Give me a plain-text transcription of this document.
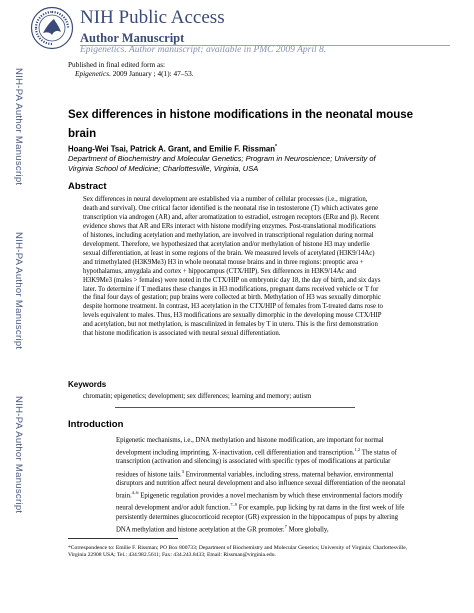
NIH-PA Author Manuscript
NIH-PA Author Manuscript
NIH-PA Author Manuscript
NIH Public Access
Author Manuscript
Epigenetics. Author manuscript; available in PMC 2009 April 8.
Published in final edited form as:
Epigenetics. 2009 January ; 4(1): 47–53.
Sex differences in histone modifications in the neonatal mouse brain
Hoang-Wei Tsai, Patrick A. Grant, and Emilie F. Rissman*
Department of Biochemistry and Molecular Genetics; Program in Neuroscience; University of Virginia School of Medicine; Charlottesville, Virginia, USA
Abstract
Sex differences in neural development are established via a number of cellular processes (i.e., migration, death and survival). One critical factor identified is the neonatal rise in testosterone (T) which activates gene transcription via androgen (AR) and, after aromatization to estradiol, estrogen receptors (ERα and β). Recent evidence shows that AR and ERs interact with histone modifying enzymes. Post-translational modifications of histones, including acetylation and methylation, are involved in transcriptional regulation during normal development. Therefore, we hypothesized that acetylation and/or methylation of histone H3 may underlie sexual differentiation, at least in some regions of the brain. We measured levels of acetylated (H3K9/14Ac) and trimethylated (H3K9Me3) H3 in whole neonatal mouse brains and in three regions: preoptic area + hypothalamus, amygdala and cortex + hippocampus (CTX/HIP). Sex differences in H3K9/14Ac and H3K9Me3 (males > females) were noted in the CTX/HIP on embryonic day 18, the day of birth, and six days later. To determine if T mediates these changes in H3 modifications, pregnant dams received vehicle or T for the final four days of gestation; pup brains were collected at birth. Methylation of H3 was sexually dimorphic despite hormone treatment. In contrast, H3 acetylation in the CTX/HIP of females from T-treated dams rose to levels equivalent to males. Thus, H3 modifications are sexually dimorphic in the developing mouse CTX/HIP and acetylation, but not methylation, is masculinized in females by T in utero. This is the first demonstration that histone modification is associated with neural sexual differentiation.
Keywords
chromatin; epigenetics; development; sex differences; learning and memory; autism
Introduction
Epigenetic mechanisms, i.e., DNA methylation and histone modification, are important for normal development including imprinting, X-inactivation, cell differentiation and transcription.$^{1,2}$ The status of transcription (activation and silencing) is associated with specific types of modifications at particular residues of histone tails.$^3$ Environmental variables, including stress, maternal behavior, environmental disruptors and nutrition affect neural development and also influence sexual differentiation of the neonatal brain.$^{4-6}$ Epigenetic regulation provides a novel mechanism by which these environmental factors modify neural development and/or adult function.$^{7-9}$ For example, pup licking by rat dams in the first week of life persistently determines glucocorticoid receptor (GR) expression in the hippocampus of pups by altering DNA methylation and histone acetylation at the GR promoter.$^7$ More globally,
*Correspondence to: Emilie F. Rissman; PO Box 800733; Department of Biochemistry and Molecular Genetics; University of Virginia; Charlottesville, Virginia 22908 USA; Tel.: 434.982.5611; Fax: 434.243.8433; Email: Rissman@virginia.edu.
